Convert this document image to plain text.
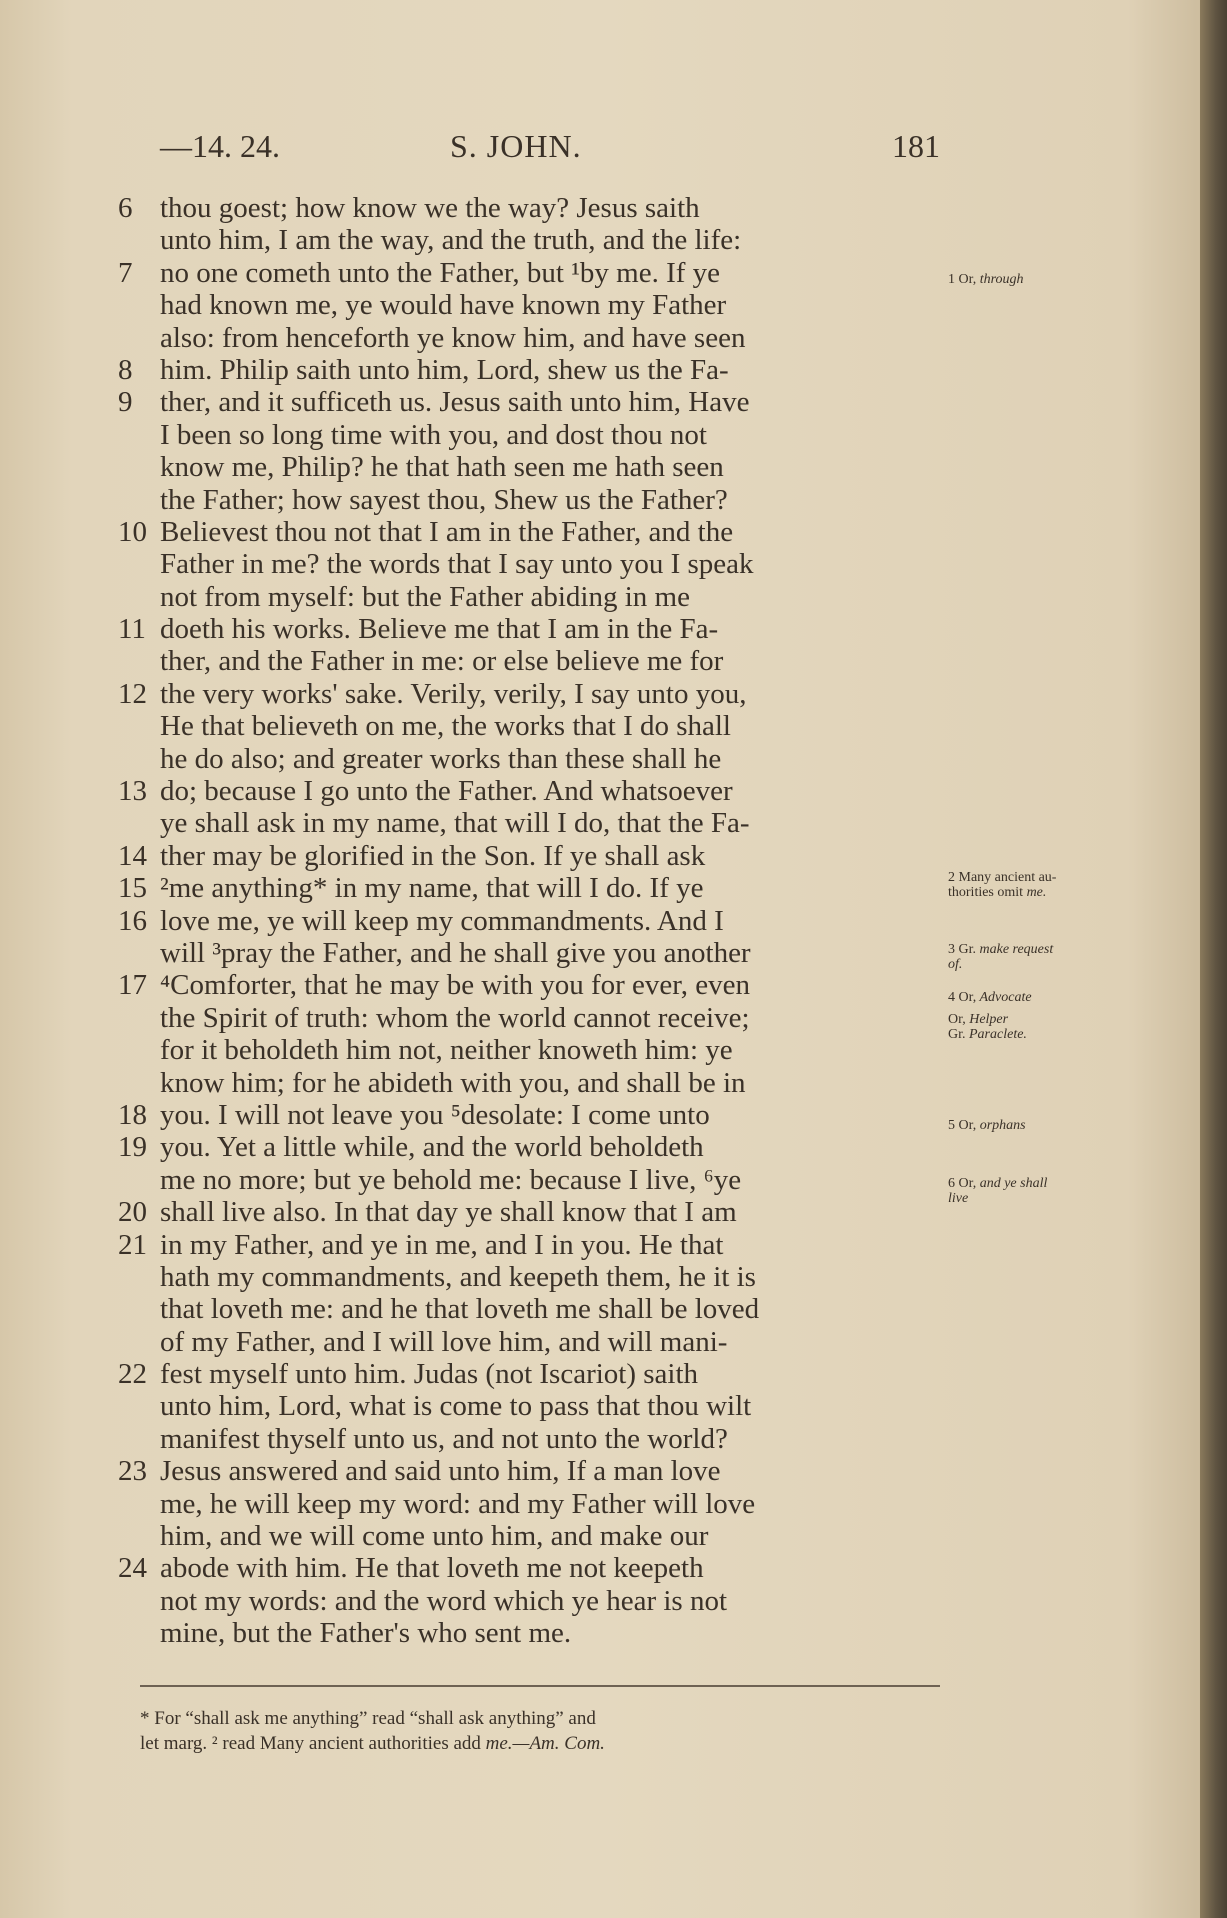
—14. 24.	S. JOHN.	181
6 thou goest; how know we the way? Jesus saith
unto him, I am the way, and the truth, and the life:
7 no one cometh unto the Father, but ¹by me. If ye
had known me, ye would have known my Father
also: from henceforth ye know him, and have seen
8 him. Philip saith unto him, Lord, shew us the Fa-
9 ther, and it sufficeth us. Jesus saith unto him, Have
I been so long time with you, and dost thou not
know me, Philip? he that hath seen me hath seen
the Father; how sayest thou, Shew us the Father?
10 Believest thou not that I am in the Father, and the
Father in me? the words that I say unto you I speak
not from myself: but the Father abiding in me
11 doeth his works. Believe me that I am in the Fa-
ther, and the Father in me: or else believe me for
12 the very works' sake. Verily, verily, I say unto you,
He that believeth on me, the works that I do shall
he do also; and greater works than these shall he
13 do; because I go unto the Father. And whatsoever
ye shall ask in my name, that will I do, that the Fa-
14 ther may be glorified in the Son. If ye shall ask
15 ²me anything* in my name, that will I do. If ye
16 love me, ye will keep my commandments. And I
will ³pray the Father, and he shall give you another
17 ⁴Comforter, that he may be with you for ever, even
the Spirit of truth: whom the world cannot receive;
for it beholdeth him not, neither knoweth him: ye
know him; for he abideth with you, and shall be in
18 you. I will not leave you ⁵desolate: I come unto
19 you. Yet a little while, and the world beholdeth
me no more; but ye behold me: because I live, ⁶ye
20 shall live also. In that day ye shall know that I am
21 in my Father, and ye in me, and I in you. He that
hath my commandments, and keepeth them, he it is
that loveth me: and he that loveth me shall be loved
of my Father, and I will love him, and will mani-
22 fest myself unto him. Judas (not Iscariot) saith
unto him, Lord, what is come to pass that thou wilt
manifest thyself unto us, and not unto the world?
23 Jesus answered and said unto him, If a man love
me, he will keep my word: and my Father will love
him, and we will come unto him, and make our
24 abode with him. He that loveth me not keepeth
not my words: and the word which ye hear is not
mine, but the Father's who sent me.
1 Or, through
2 Many ancient au-
thorities omit me.
3 Gr. make request
of.
4 Or, Advocate
Or, Helper
Gr. Paraclete.
5 Or, orphans
6 Or, and ye shall
live
* For “shall ask me anything” read “shall ask anything” and
let marg. ² read Many ancient authorities add me.—Am. Com.
